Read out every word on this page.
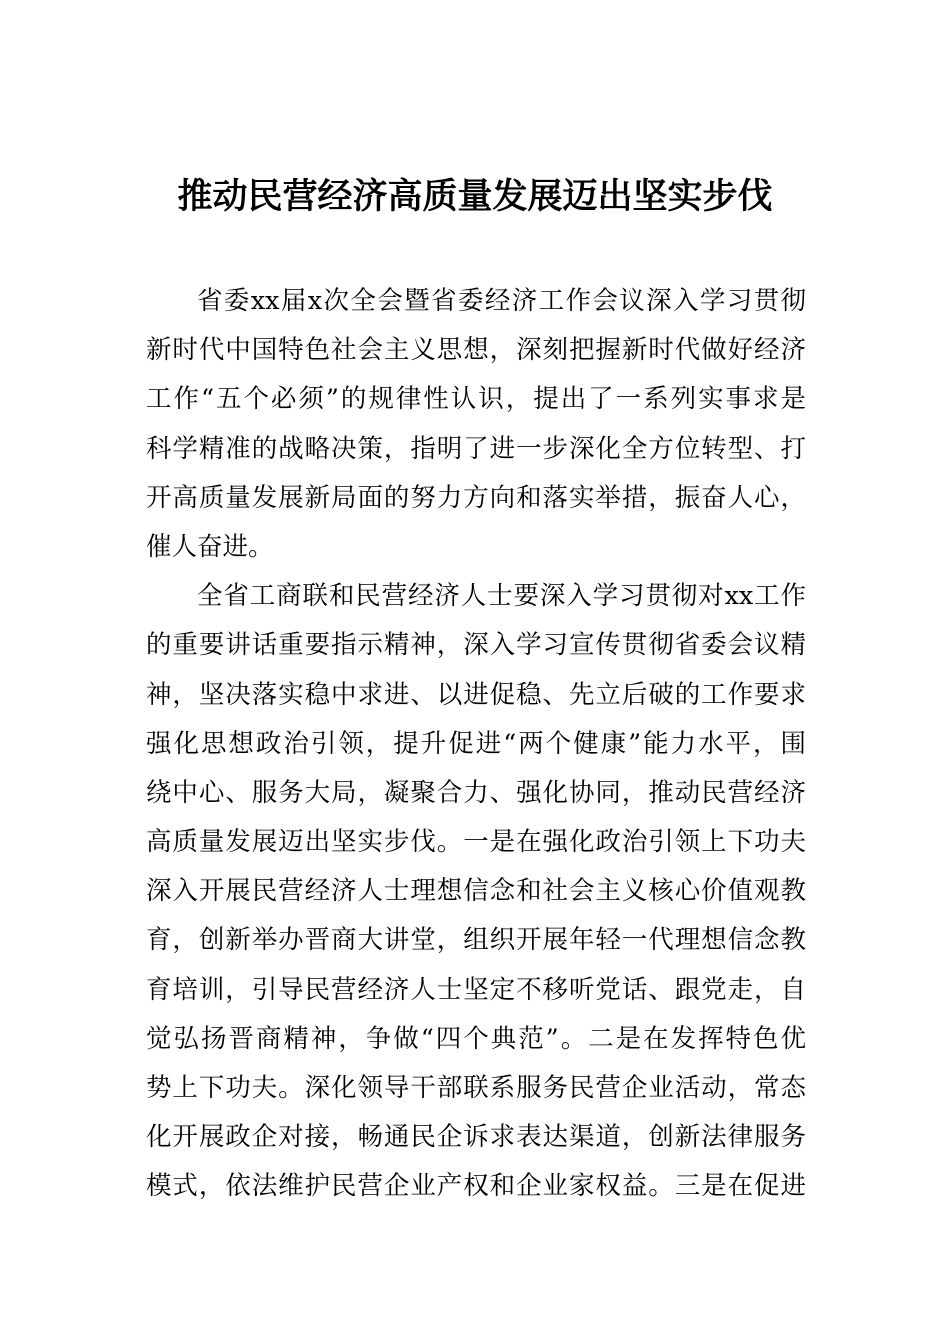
推动民营经济高质量发展迈出坚实步伐
省委xx届x次全会暨省委经济工作会议深入学习贯彻
新时代中国特色社会主义思想，深刻把握新时代做好经济
工作“五个必须”的规律性认识，提出了一系列实事求是
科学精准的战略决策，指明了进一步深化全方位转型、打
开高质量发展新局面的努力方向和落实举措，振奋人心，
催人奋进。
全省工商联和民营经济人士要深入学习贯彻对xx工作
的重要讲话重要指示精神，深入学习宣传贯彻省委会议精
神，坚决落实稳中求进、以进促稳、先立后破的工作要求
强化思想政治引领，提升促进“两个健康”能力水平，围
绕中心、服务大局，凝聚合力、强化协同，推动民营经济
高质量发展迈出坚实步伐。一是在强化政治引领上下功夫
深入开展民营经济人士理想信念和社会主义核心价值观教
育，创新举办晋商大讲堂，组织开展年轻一代理想信念教
育培训，引导民营经济人士坚定不移听党话、跟党走，自
觉弘扬晋商精神，争做“四个典范”。二是在发挥特色优
势上下功夫。深化领导干部联系服务民营企业活动，常态
化开展政企对接，畅通民企诉求表达渠道，创新法律服务
模式，依法维护民营企业产权和企业家权益。三是在促进
